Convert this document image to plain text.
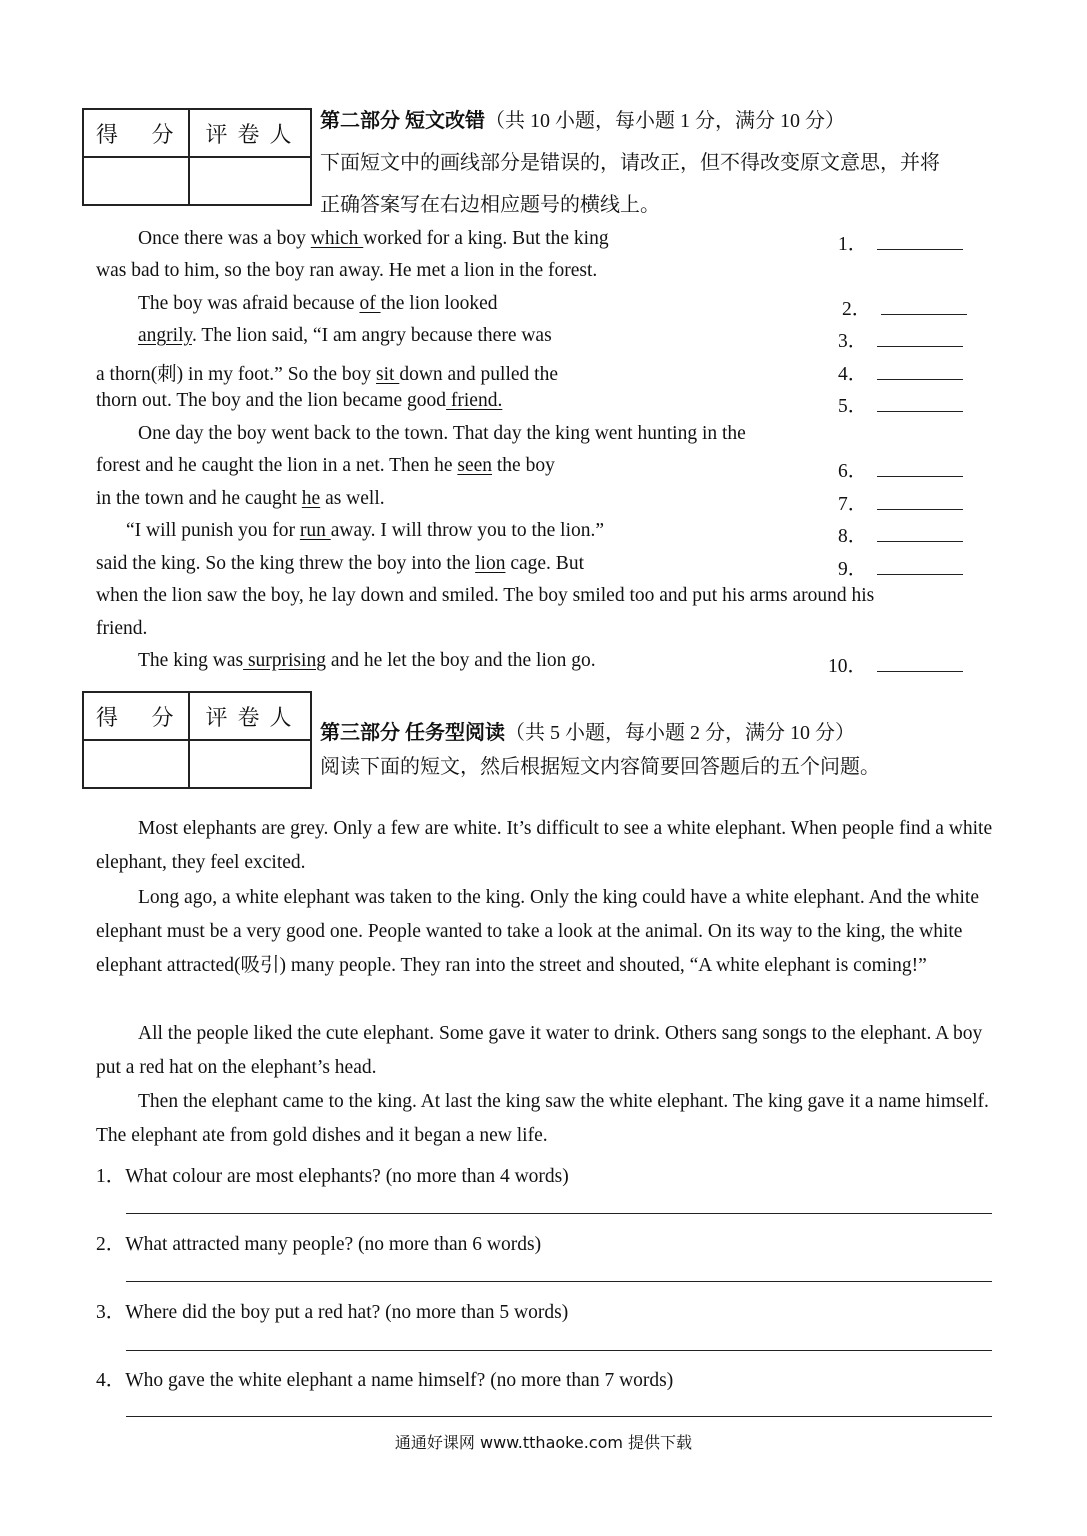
得 分	评卷人

第二部分 短文改错（共 10 小题，每小题 1 分，满分 10 分）
下面短文中的画线部分是错误的，请改正，但不得改变原文意思，并将
正确答案写在右边相应题号的横线上。
Once there was a boy which worked for a king. But the king
was bad to him, so the boy ran away. He met a lion in the forest.
The boy was afraid because of the lion looked
angrily. The lion said, “I am angry because there was
a thorn(刺) in my foot.” So the boy sit down and pulled the
thorn out. The boy and the lion became good friend.
One day the boy went back to the town. That day the king went hunting in the
forest and he caught the lion in a net. Then he seen the boy
in the town and he caught he as well.
“I will punish you for run away. I will throw you to the lion.”
said the king. So the king threw the boy into the lion cage. But
when the lion saw the boy, he lay down and smiled. The boy smiled too and put his arms around his
friend.
The king was surprising and he let the boy and the lion go.
1．
2．
3．
4．
5．
6．
7．
8．
9．
10．
得 分	评卷人

第三部分 任务型阅读（共 5 小题，每小题 2 分，满分 10 分）
阅读下面的短文，然后根据短文内容简要回答题后的五个问题。
Most elephants are grey. Only a few are white. It’s difficult to see a white elephant. When people find a white elephant, they feel excited.
Long ago, a white elephant was taken to the king. Only the king could have a white elephant. And the white elephant must be a very good one. People wanted to take a look at the animal. On its way to the king, the white elephant attracted(吸引) many people. They ran into the street and shouted, “A white elephant is coming!”
All the people liked the cute elephant. Some gave it water to drink. Others sang songs to the elephant. A boy put a red hat on the elephant’s head.
Then the elephant came to the king. At last the king saw the white elephant. The king gave it a name himself. The elephant ate from gold dishes and it began a new life.
1．What colour are most elephants? (no more than 4 words)
2．What attracted many people? (no more than 6 words)
3．Where did the boy put a red hat? (no more than 5 words)
4．Who gave the white elephant a name himself? (no more than 7 words)
通通好课网 www.tthaoke.com 提供下载
